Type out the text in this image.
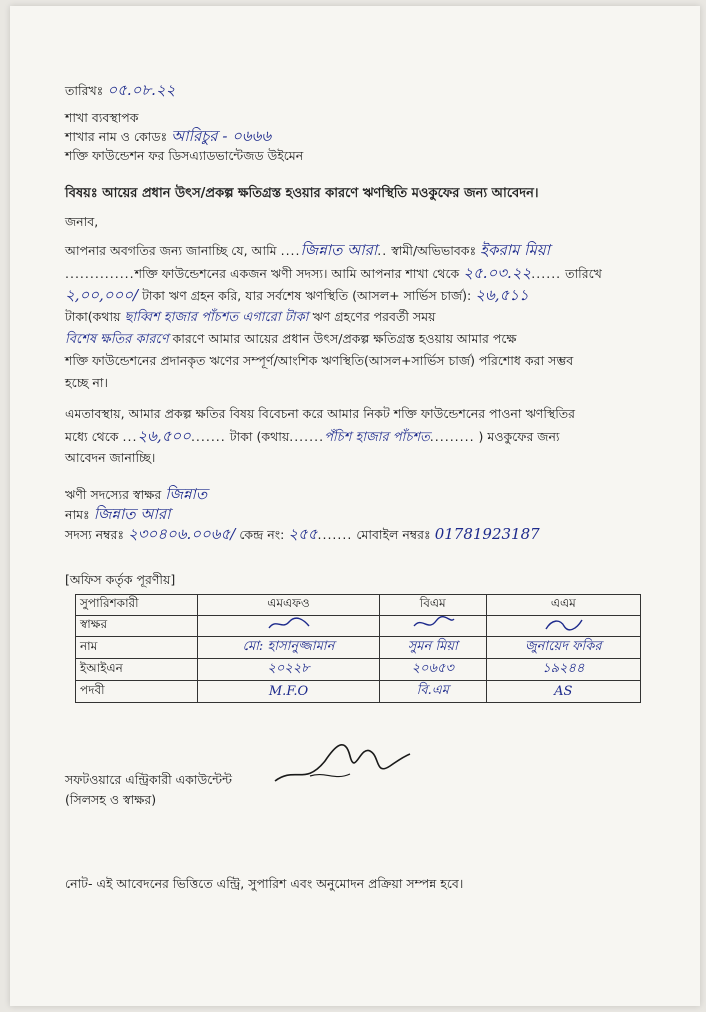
তারিখঃ ০৫.০৮.২২
শাখা ব্যবস্থাপক
শাখার নাম ও কোডঃ আরিচুর - ০৬৬৬
শক্তি ফাউন্ডেশন ফর ডিসএ্যাডভান্টেজড উইমেন
বিষয়ঃ আয়ের প্রধান উৎস/প্রকল্প ক্ষতিগ্রস্ত হওয়ার কারণে ঋণস্থিতি মওকুফের জন্য আবেদন।
জনাব,
আপনার অবগতির জন্য জানাচ্ছি যে, আমি ....জিন্নাত আরা.. স্বামী/অভিভাবকঃ ইকরাম মিয়া
..............শক্তি ফাউন্ডেশনের একজন ঋণী সদস্য। আমি আপনার শাখা থেকে ২৫.০৩.২২...... তারিখে
২,০০,০০০/ টাকা ঋণ গ্রহন করি, যার সর্বশেষ ঋণস্থিতি (আসল+ সার্ভিস চার্জ): ২৬,৫১১
টাকা(কথায় ছাব্বিশ হাজার পাঁচশত এগারো টাকা ঋণ গ্রহণের পরবর্তী সময়
বিশেষ ক্ষতির কারণে কারণে আমার আয়ের প্রধান উৎস/প্রকল্প ক্ষতিগ্রস্ত হওয়ায় আমার পক্ষে
শক্তি ফাউন্ডেশনের প্রদানকৃত ঋণের সম্পূর্ণ/আংশিক ঋণস্থিতি(আসল+সার্ভিস চার্জ) পরিশোধ করা সম্ভব
হচ্ছে না।
এমতাবস্থায়, আমার প্রকল্প ক্ষতির বিষয় বিবেচনা করে আমার নিকট শক্তি ফাউন্ডেশনের পাওনা ঋণস্থিতির
মধ্যে থেকে ...২৬,৫০০....... টাকা (কথায়.......পঁচিশ হাজার পাঁচশত......... ) মওকুফের জন্য
আবেদন জানাচ্ছি।
ঋণী সদস্যের স্বাক্ষর জিন্নাত
নামঃ জিন্নাত আরা
সদস্য নম্বরঃ ২৩০৪০৬.০০৬৫/ কেন্দ্র নং: ২৫৫....... মোবাইল নম্বরঃ 01781923187
[অফিস কর্তৃক পূরণীয়]
সুপারিশকারী	এমএফও	বিএম	এএম
স্বাক্ষর			
নাম	মো: হাসানুজ্জামান	সুমন মিয়া	জুনায়েদ ফকির
ইআইএন	২০২২৮	২০৬৫৩	১৯২৪৪
পদবী	M.F.O	বি.এম	AS
সফটওয়ারে এন্ট্রিকারী একাউন্টেন্ট
(সিলসহ ও স্বাক্ষর)
নোট- এই আবেদনের ভিত্তিতে এন্ট্রি, সুপারিশ এবং অনুমোদন প্রক্রিয়া সম্পন্ন হবে।
